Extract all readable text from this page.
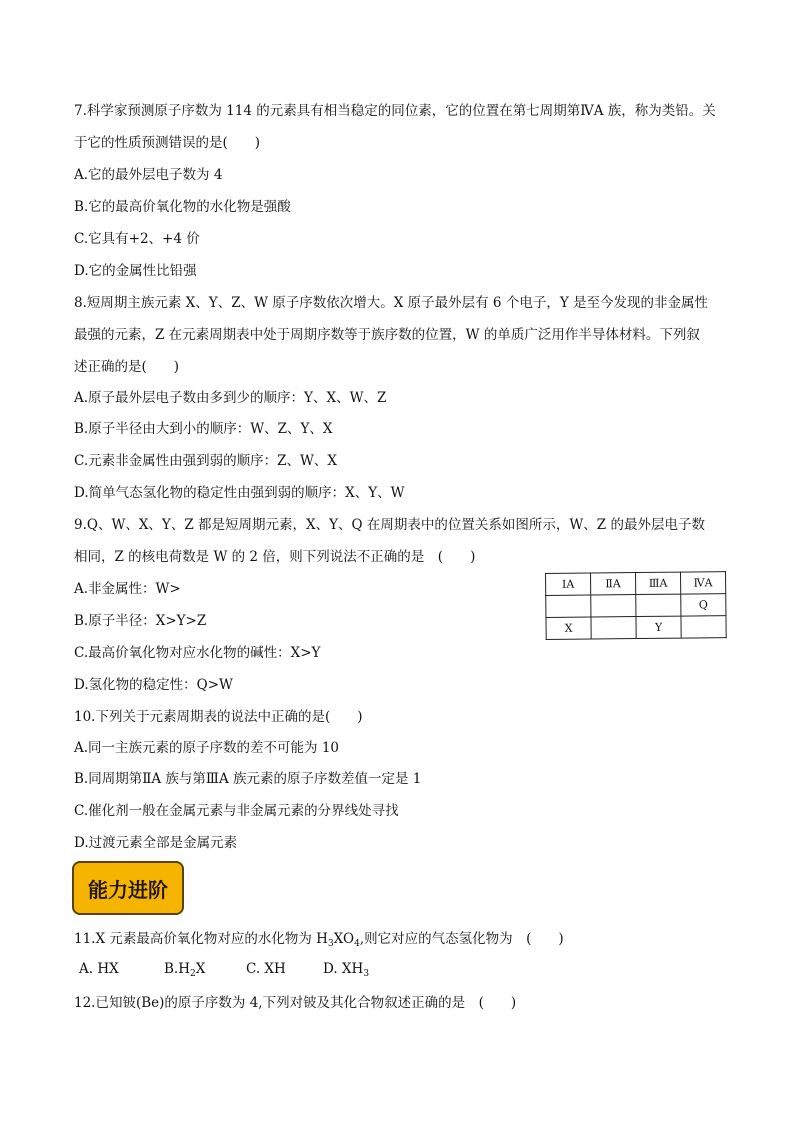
7.科学家预测原子序数为 114 的元素具有相当稳定的同位素，它的位置在第七周期第ⅣA 族，称为类铅。关
于它的性质预测错误的是(　　)
A.它的最外层电子数为 4
B.它的最高价氧化物的水化物是强酸
C.它具有+2、+4 价
D.它的金属性比铅强
8.短周期主族元素 X、Y、Z、W 原子序数依次增大。X 原子最外层有 6 个电子，Y 是至今发现的非金属性
最强的元素，Z 在元素周期表中处于周期序数等于族序数的位置，W 的单质广泛用作半导体材料。下列叙
述正确的是(　　)
A.原子最外层电子数由多到少的顺序：Y、X、W、Z
B.原子半径由大到小的顺序：W、Z、Y、X
C.元素非金属性由强到弱的顺序：Z、W、X
D.简单气态氢化物的稳定性由强到弱的顺序：X、Y、W
9.Q、W、X、Y、Z 都是短周期元素，X、Y、Q 在周期表中的位置关系如图所示，W、Z 的最外层电子数
相同，Z 的核电荷数是 W 的 2 倍，则下列说法不正确的是　(　　)
A.非金属性：W>
B.原子半径：X>Y>Z
C.最高价氧化物对应水化物的碱性：X>Y
D.氢化物的稳定性：Q>W
ⅠA	ⅡA	ⅢA	ⅣA
			Q
X		Y	
10.下列关于元素周期表的说法中正确的是(　　)
A.同一主族元素的原子序数的差不可能为 10
B.同周期第ⅡA 族与第ⅢA 族元素的原子序数差值一定是 1
C.催化剂一般在金属元素与非金属元素的分界线处寻找
D.过渡元素全部是金属元素
能力进阶
11.X 元素最高价氧化物对应的水化物为 $H_3XO_4$,则它对应的气态氢化物为　(　　)
A. HX	$B.H_2X$	C. XH	D. $XH_3$
12.已知铍(Be)的原子序数为 4,下列对铍及其化合物叙述正确的是　(　　)
